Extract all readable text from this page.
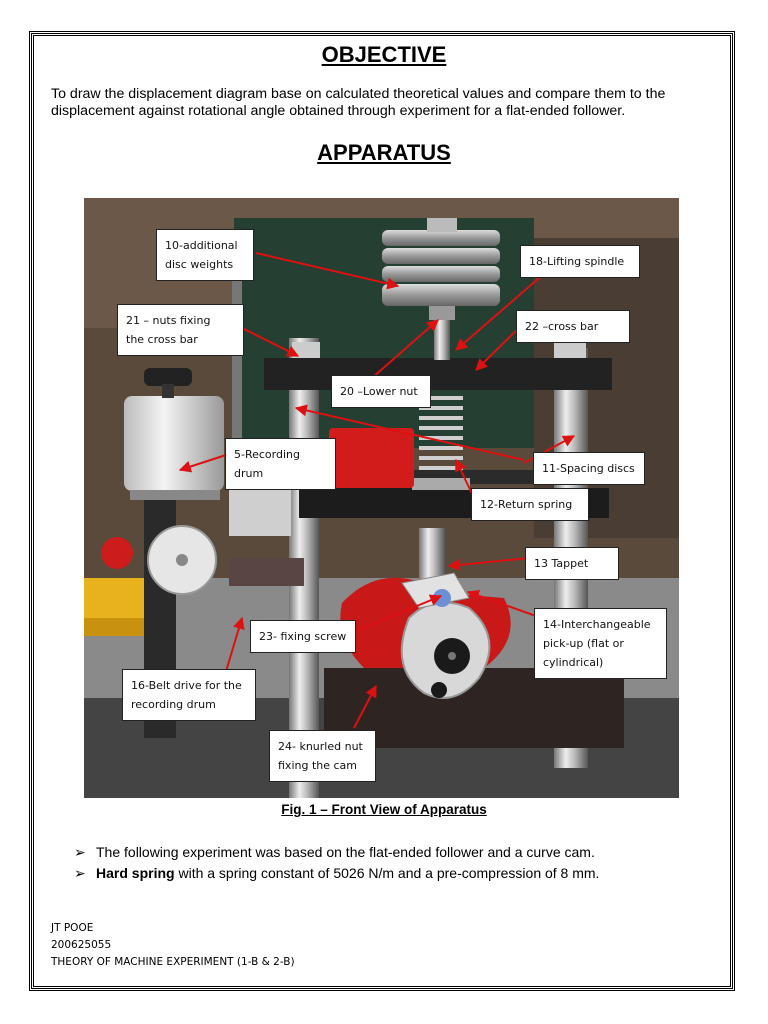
OBJECTIVE

To draw the displacement diagram base on calculated theoretical values and compare them to the displacement against rotational angle obtained through experiment for a flat-ended follower.

APPARATUS
10-additional
disc weights	18-Lifting spindle
21 – nuts fixing
the cross bar
22 –cross bar
20 –Lower nut
5-Recording drum	11-Spacing discs
12-Return spring
13 Tappet
14-Interchangeable
pick-up (flat or
cylindrical)
23- fixing screw
16-Belt drive for the
recording drum
24- knurled nut
fixing the cam

Fig. 1 – Front View of Apparatus

➢ The following experiment was based on the flat-ended follower and a curve cam.
➢ Hard spring with a spring constant of 5026 N/m and a pre-compression of 8 mm.
JT POOE
200625055
THEORY OF MACHINE EXPERIMENT (1-B & 2-B)
